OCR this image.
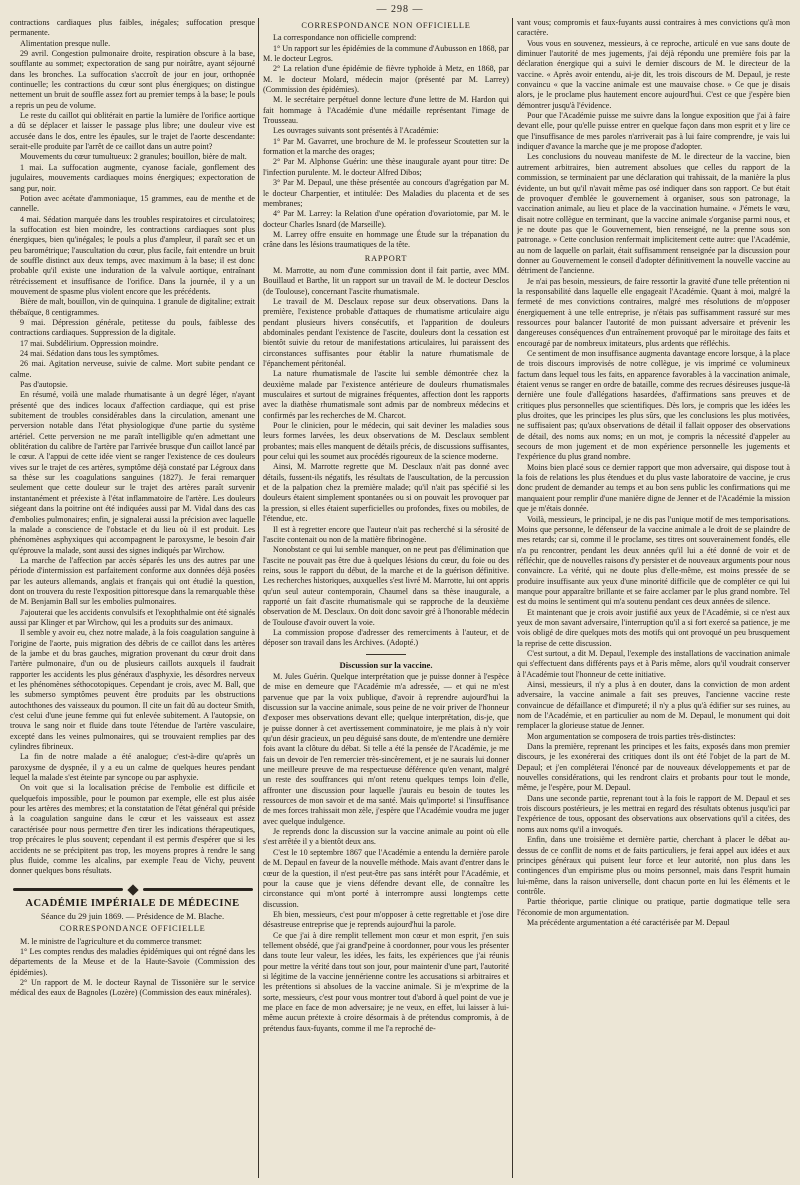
— 298 —

contractions cardiaques plus faibles, inégales; suffocation presque permanente.

Alimentation presque nulle.

29 avril. Congestion pulmonaire droite, respiration obscure à la base, soufflante au sommet; expectoration de sang pur noirâtre, ayant séjourné dans les bronches. La suffocation s'accroît de jour en jour, orthopnée continuelle; les contractions du cœur sont plus énergiques; on distingue nettement un bruit de souffle assez fort au premier temps à la base; le pouls a repris un peu de volume.

Le reste du caillot qui oblitérait en partie la lumière de l'orifice aortique a dû se déplacer et laisser le passage plus libre; une douleur vive est accusée dans le dos, entre les épaules, sur le trajet de l'aorte descendante: serait-elle produite par l'arrêt de ce caillot dans un autre point?

Mouvements du cœur tumultueux: 2 granules; bouillon, bière de malt.

1 mai. La suffocation augmente, cyanose faciale, gonflement des jugulaires, mouvements cardiaques moins énergiques; expectoration de sang pur, noir.

Potion avec acétate d'ammoniaque, 15 grammes, eau de menthe et de cannelle.

4 mai. Sédation marquée dans les troubles respiratoires et circulatoires; la suffocation est bien moindre, les contractions cardiaques sont plus énergiques, bien qu'inégales; le pouls a plus d'ampleur, il paraît sec et un peu barométrique; l'auscultation du cœur, plus facile, fait entendre un bruit de souffle distinct aux deux temps, avec maximum à la base; il est donc probable qu'il existe une induration de la valvule aortique, entraînant rétrécissement et insuffisance de l'orifice. Dans la journée, il y a un mouvement de spasme plus violent encore que les précédents.

Bière de malt, bouillon, vin de quinquina. 1 granule de digitaline; extrait thébaïque, 8 centigrammes.

9 mai. Dépression générale, petitesse du pouls, faiblesse des contractions cardiaques. Suppression de la digitale.

17 mai. Subdélirium. Oppression moindre.

24 mai. Sédation dans tous les symptômes.

26 mai. Agitation nerveuse, suivie de calme. Mort subite pendant ce calme.

Pas d'autopsie.

En résumé, voilà une malade rhumatisante à un degré léger, n'ayant présenté que des indices locaux d'affection cardiaque, qui est prise subitement de troubles considérables dans la circulation, amenant une perversion notable dans l'état physiologique d'une partie du système artériel. Cette perversion ne me paraît intelligible qu'en admettant une oblitération du calibre de l'artère par l'arrivée brusque d'un caillot lancé par le cœur. A l'appui de cette idée vient se ranger l'existence de ces douleurs vives sur le trajet de ces artères, symptôme déjà constaté par Légroux dans sa thèse sur les coagulations sanguines (1827). Je ferai remarquer seulement que cette douleur sur le trajet des artères paraît survenir instantanément et préexiste à l'état inflammatoire de l'artère. Les douleurs siégeant dans la poitrine ont été indiquées aussi par M. Vidal dans des cas d'embolies pulmonaires; enfin, je signalerai aussi la précision avec laquelle la malade a conscience de l'obstacle et du lieu où il est produit. Les phénomènes asphyxiques qui accompagnent le paroxysme, le besoin d'air qu'éprouve la malade, sont aussi des signes indiqués par Wirchow.

La marche de l'affection par accès séparés les uns des autres par une période d'intermission est parfaitement conforme aux données déjà posées par les auteurs allemands, anglais et français qui ont étudié la question, dont on trouvera du reste l'exposition pittoresque dans la remarquable thèse de M. Benjamin Ball sur les embolies pulmonaires.

J'ajouterai que les accidents convulsifs et l'exophthalmie ont été signalés aussi par Klinger et par Wirchow, qui les a produits sur des animaux.

Il semble y avoir eu, chez notre malade, à la fois coagulation sanguine à l'origine de l'aorte, puis migration des débris de ce caillot dans les artères de la jambe et du bras gauches, migration provenant du cœur droit dans l'artère pulmonaire, d'un ou de plusieurs caillots auxquels il faudrait rapporter les accidents les plus généraux d'asphyxie, les désordres nerveux et les phénomènes séthocotopiques. Cependant je crois, avec M. Ball, que les submerso symptômes peuvent être produits par les obstructions autochthones des vaisseaux du poumon. Il cite un fait dû au docteur Smith, c'est celui d'une jeune femme qui fut enlevée subitement. A l'autopsie, on trouva le sang noir et fluide dans toute l'étendue de l'artère vasculaire, excepté dans les veines pulmonaires, qui se trouvaient remplies par des cylindres fibrineux.

La fin de notre malade a été analogue; c'est-à-dire qu'après un paroxysme de dyspnée, il y a eu un calme de quelques heures pendant lequel la malade s'est éteinte par syncope ou par asphyxie.

On voit que si la localisation précise de l'embolie est difficile et quelquefois impossible, pour le poumon par exemple, elle est plus aisée pour les artères des membres; et la constatation de l'état général qui préside à la coagulation sanguine dans le cœur et les vaisseaux est assez caractérisée pour nous permettre d'en tirer les indications thérapeutiques, trop précaires le plus souvent; cependant il est permis d'espérer que si les accidents ne se précipitent pas trop, les moyens propres à rendre le sang plus fluide, comme les alcalins, par exemple l'eau de Vichy, peuvent donner quelques bons résultats.

ACADÉMIE IMPÉRIALE DE MÉDECINE
Séance du 29 juin 1869. — Présidence de M. Blache.
CORRESPONDANCE OFFICIELLE

M. le ministre de l'agriculture et du commerce transmet:

1° Les comptes rendus des maladies épidémiques qui ont régné dans les départements de la Meuse et de la Haute-Savoie (Commission des épidémies).

2° Un rapport de M. le docteur Raynal de Tissonière sur le service médical des eaux de Bagnoles (Lozère) (Commission des eaux minérales).

CORRESPONDANCE NON OFFICIELLE

La correspondance non officielle comprend:

1° Un rapport sur les épidémies de la commune d'Aubusson en 1868, par M. le docteur Legros.

2° La relation d'une épidémie de fièvre typhoïde à Metz, en 1868, par M. le docteur Molard, médecin major (présenté par M. Larrey) (Commission des épidémies).

M. le secrétaire perpétuel donne lecture d'une lettre de M. Hardon qui fait hommage à l'Académie d'une médaille représentant l'image de Trousseau.

Les ouvrages suivants sont présentés à l'Académie:

1° Par M. Gavarret, une brochure de M. le professeur Scoutetten sur la formation et la marche des orages;

2° Par M. Alphonse Guérin: une thèse inaugurale ayant pour titre: De l'infection purulente. M. le docteur Alfred Dibos;

3° Par M. Depaul, une thèse présentée au concours d'agrégation par M. le docteur Charpentier, et intitulée: Des Maladies du placenta et de ses membranes;

4° Par M. Larrey: la Relation d'une opération d'ovariotomie, par M. le docteur Charles Isnard (de Marseille).

M. Larrey offre ensuite en hommage une Étude sur la trépanation du crâne dans les lésions traumatiques de la tête.

RAPPORT

M. Marrotte, au nom d'une commission dont il fait partie, avec MM. Bouillaud et Barthe, lit un rapport sur un travail de M. le docteur Desclos (de Toulouse), concernant l'ascite rhumatismale.

Le travail de M. Desclaux repose sur deux observations. Dans la première, l'existence probable d'attaques de rhumatisme articulaire aigu pendant plusieurs hivers consécutifs, et l'apparition de douleurs abdominales pendant l'existence de l'ascite, douleurs dont la cessation est bientôt suivie du retour de manifestations articulaires, lui paraissent des circonstances suffisantes pour établir la nature rhumatismale de l'épanchement péritonéal.

La nature rhumatismale de l'ascite lui semble démontrée chez la deuxième malade par l'existence antérieure de douleurs rhumatismales musculaires et surtout de migraines fréquentes, affection dont les rapports avec la diathèse rhumatismale sont admis par de nombreux médecins et confirmés par les recherches de M. Charcot.

Pour le clinicien, pour le médecin, qui sait deviner les maladies sous leurs formes larvées, les deux observations de M. Desclaux semblent probantes; mais elles manquent de détails précis, de discussions suffisantes, pour celui qui les soumet aux procédés rigoureux de la science moderne.

Ainsi, M. Marrotte regrette que M. Desclaux n'ait pas donné avec détails, fussent-ils négatifs, les résultats de l'auscultation, de la percussion et de la palpation chez la première malade; qu'il n'ait pas spécifié si les douleurs étaient simplement spontanées ou si on pouvait les provoquer par la pression, si elles étaient superficielles ou profondes, fixes ou mobiles, de l'étendue, etc.

Il est à regretter encore que l'auteur n'ait pas recherché si la sérosité de l'ascite contenait ou non de la matière fibrinogène.

Nonobstant ce qui lui semble manquer, on ne peut pas d'élimination que l'ascite ne pouvait pas être due à quelques lésions du cœur, du foie ou des reins, sous le rapport du début, de la marche et de la guérison définitive. Les recherches historiques, auxquelles s'est livré M. Marrotte, lui ont appris qu'un seul auteur contemporain, Chaumel dans sa thèse inaugurale, a rapporté un fait d'ascite rhumatismale qui se rapproche de la deuxième observation de M. Desclaux. On doit donc savoir gré à l'honorable médecin de Toulouse d'avoir ouvert la voie.

La commission propose d'adresser des remerciments à l'auteur, et de déposer son travail dans les Archives. (Adopté.)

Discussion sur la vaccine.

M. Jules Guérin. Quelque interprétation que je puisse donner à l'espèce de mise en demeure que l'Académie m'a adressée, — et qui ne m'est parvenue que par la voix publique, d'avoir à reprendre aujourd'hui la discussion sur la vaccine animale, sous peine de ne voir priver de l'honneur d'exposer mes observations devant elle; quelque interprétation, dis-je, que je puisse donner à cet avertissement comminatoire, je me plais à n'y voir qu'un désir gracieux, un peu déguisé sans doute, de m'entendre une dernière fois avant la clôture du débat. Si telle a été la pensée de l'Académie, je me fais un devoir de l'en remercier très-sincèrement, et je ne saurais lui donner une meilleure preuve de ma respectueuse déférence qu'en venant, malgré un reste des souffrances qui m'ont retenu quelques temps loin d'elle, affronter une discussion pour laquelle j'aurais eu besoin de toutes les ressources de mon savoir et de ma santé. Mais qu'importe! si l'insuffisance de mes forces trahissait mon zèle, j'espère que l'Académie voudra me juger avec quelque indulgence.

Je reprends donc la discussion sur la vaccine animale au point où elle s'est arrêtée il y a bientôt deux ans.

C'est le 10 septembre 1867 que l'Académie a entendu la dernière parole de M. Depaul en faveur de la nouvelle méthode. Mais avant d'entrer dans le cœur de la question, il n'est peut-être pas sans intérêt pour l'Académie, et pour la cause que je viens défendre devant elle, de connaître les circonstance qui m'ont porté à interrompre aussi longtemps cette discussion.

Eh bien, messieurs, c'est pour m'opposer à cette regrettable et j'ose dire désastreuse entreprise que je reprends aujourd'hui la parole.

Ce que j'ai à dire remplit tellement mon cœur et mon esprit, j'en suis tellement obsédé, que j'ai grand'peine à coordonner, pour vous les présenter dans toute leur valeur, les idées, les faits, les expériences que j'ai réunis pour mettre la vérité dans tout son jour, pour maintenir d'une part, l'autorité si légitime de la vaccine jennérienne contre les accusations si arbitraires et les prétentions si absolues de la vaccine animale. Si je m'exprime de la sorte, messieurs, c'est pour vous montrer tout d'abord à quel point de vue je me place en face de mon adversaire; je ne veux, en effet, lui laisser à lui-même aucun prétexte à croire désormais à de prétendus compromis, à de prétendus faux-fuyants, comme il me l'a reproché de-

vant vous; compromis et faux-fuyants aussi contraires à mes convictions qu'à mon caractère.

Vous vous en souvenez, messieurs, à ce reproche, articulé en vue sans doute de diminuer l'autorité de mes jugements, j'ai déjà répondu une première fois par la déclaration énergique qui a suivi le dernier discours de M. le directeur de la vaccine. « Après avoir entendu, ai-je dit, les trois discours de M. Depaul, je reste convaincu « que la vaccine animale est une mauvaise chose. » Ce que je disais alors, je le proclame plus hautement encore aujourd'hui. C'est ce que j'espère bien démontrer jusqu'à l'évidence.

Pour que l'Académie puisse me suivre dans la longue exposition que j'ai à faire devant elle, pour qu'elle puisse entrer en quelque façon dans mon esprit et y lire ce que l'insuffisance de mes paroles n'arriverait pas à lui faire comprendre, je vais lui indiquer d'avance la marche que je me propose d'adopter.

Les conclusions du nouveau manifeste de M. le directeur de la vaccine, bien autrement arbitraires, bien autrement absolues que celles du rapport de la commission, se terminaient par une déclaration qui trahissait, de la manière la plus évidente, un but qu'il n'avait même pas osé indiquer dans son rapport. Ce but était de provoquer d'emblée le gouvernement à organiser, sous son patronage, la vaccination animale, au lieu et place de la vaccination humaine. « J'émets le vœu, disait notre collègue en terminant, que la vaccine animale s'organise parmi nous, et je ne doute pas que le Gouvernement, bien renseigné, ne la prenne sous son patronage. » Cette conclusion renfermait implicitement cette autre: que l'Académie, au nom de laquelle on parlait, était suffisamment renseignée par la discussion pour donner au Gouvernement le conseil d'adopter définitivement la nouvelle vaccine au détriment de l'ancienne.

Je n'ai pas besoin, messieurs, de faire ressortir la gravité d'une telle prétention ni la responsabilité dans laquelle elle engageait l'Académie. Quant à moi, malgré la fermeté de mes convictions contraires, malgré mes résolutions de m'opposer énergiquement à une telle entreprise, je n'étais pas suffisamment rassuré sur mes ressources pour balancer l'autorité de mon puissant adversaire et prévenir les dangereuses conséquences d'un entraînement provoqué par le miroitage des faits et encouragé par de nombreux imitateurs, plus ardents que réfléchis.

Ce sentiment de mon insuffisance augmenta davantage encore lorsque, à la place de trois discours improvisés de notre collègue, je vis imprimé ce volumineux factum dans lequel tous les faits, en apparence favorables à la vaccination animale, étaient venus se ranger en ordre de bataille, comme des recrues désireuses jusque-là dernière une foule d'allégations hasardées, d'affirmations sans preuves et de critiques plus personnelles que scientifiques. Dès lors, je compris que les idées les plus droites, que les principes les plus sûrs, que les conclusions les plus motivées, ne suffisaient pas; qu'aux observations de détail il fallait opposer des observations de détail, des noms aux noms; en un mot, je compris la nécessité d'appeler au secours de mon jugement et de mon expérience personnelle les jugements et l'expérience du plus grand nombre.

Moins bien placé sous ce dernier rapport que mon adversaire, qui dispose tout à la fois de relations les plus étendues et du plus vaste laboratoire de vaccine, je crus donc prudent de demander au temps et au bon sens public les confirmations qui me manquaient pour remplir d'une manière digne de Jenner et de l'Académie la mission que je m'étais donnée.

Voilà, messieurs, le principal, je ne dis pas l'unique motif de mes temporisations. Moins que personne, le défenseur de la vaccine animale a le droit de se plaindre de mes retards; car si, comme il le proclame, ses titres ont souverainement fondés, elle n'a pu rencontrer, pendant les deux années qu'il lui a été donné de voir et de réfléchir, que de nouvelles raisons d'y persister et de nouveaux arguments pour nous convaincre. La vérité, qui ne doute plus d'elle-même, est moins pressée de se produire insuffisante aux yeux d'une minorité difficile que de compléter ce qui lui manque pour apparaître brillante et se faire acclamer par le plus grand nombre. Tel est du moins le sentiment qui m'a soutenu pendant ces deux années de silence.

Et maintenant que je crois avoir justifié aux yeux de l'Académie, si ce n'est aux yeux de mon savant adversaire, l'interruption qu'il a si fort exercé sa patience, je me vois obligé de dire quelques mots des motifs qui ont provoqué un peu brusquement la reprise de cette discussion.

C'est surtout, a dit M. Depaul, l'exemple des installations de vaccination animale qui s'effectuent dans différents pays et à Paris même, alors qu'il voudrait conserver à l'Académie tout l'honneur de cette initiative.

Ainsi, messieurs, il n'y a plus à en douter, dans la conviction de mon ardent adversaire, la vaccine animale a fait ses preuves, l'ancienne vaccine reste convaincue de défaillance et d'impureté; il n'y a plus qu'à édifier sur ses ruines, au nom de l'Académie, et en particulier au nom de M. Depaul, le monument qui doit remplacer la glorieuse statue de Jenner.

Mon argumentation se composera de trois parties très-distinctes:

Dans la première, reprenant les principes et les faits, exposés dans mon premier discours, je les exonérerai des critiques dont ils ont été l'objet de la part de M. Depaul; et j'en compléterai l'énoncé par de nouveaux développements et par de nouvelles considérations, qui les rendront clairs et probants pour tout le monde, même, je l'espère, pour M. Depaul.

Dans une seconde partie, reprenant tout à la fois le rapport de M. Depaul et ses trois discours postérieurs, je les mettrai en regard des résultats obtenus jusqu'ici par l'expérience de tous, opposant des observations aux observations qu'il a citées, des noms aux noms qu'il a invoqués.

Enfin, dans une troisième et dernière partie, cherchant à placer le débat au-dessus de ce conflit de noms et de faits particuliers, je ferai appel aux idées et aux principes généraux qui puisent leur force et leur autorité, non plus dans les contingences d'un empirisme plus ou moins personnel, mais dans l'esprit humain lui-même, dans la raison universelle, dont chacun porte en lui les éléments et le contrôle.

Partie théorique, partie clinique ou pratique, partie dogmatique telle sera l'économie de mon argumentation.

Ma précédente argumentation a été caractérisée par M. Depaul
